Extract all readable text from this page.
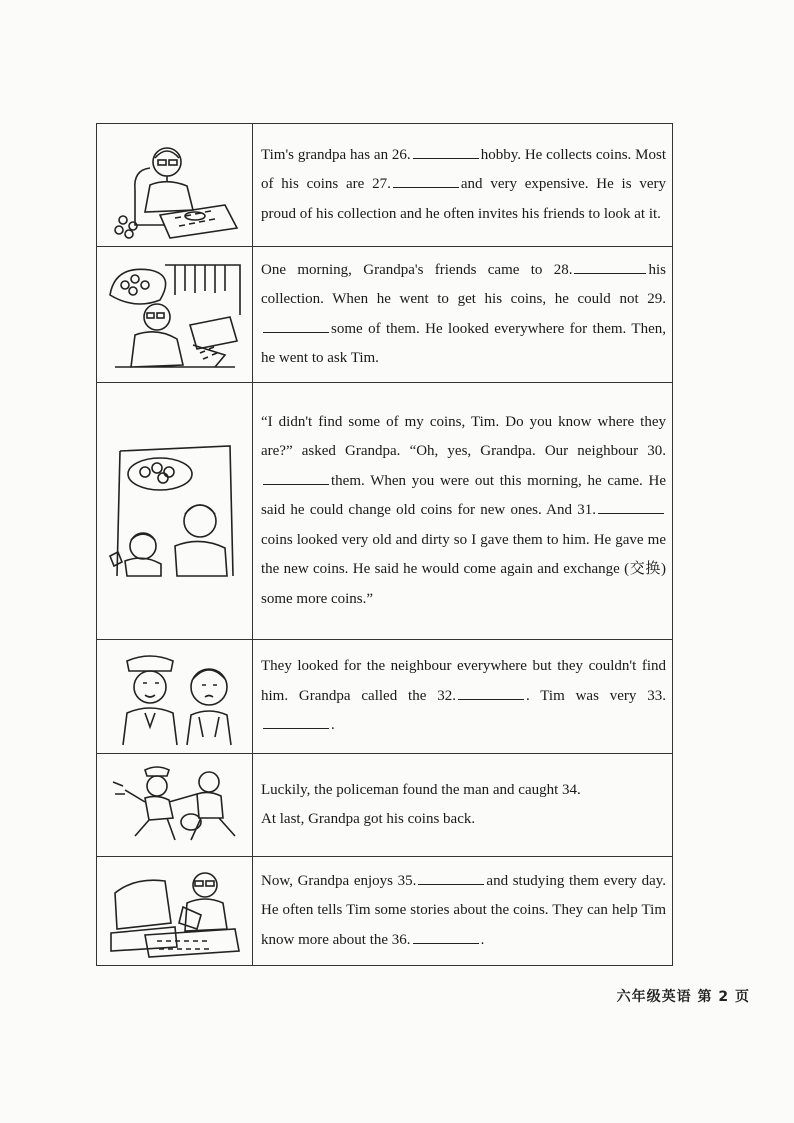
Tim's grandpa has an 26.	hobby. He collects coins. Most of his coins are 27.	and very expensive. He is very proud of his collection and he often invites his friends to look at it.

One morning, Grandpa's friends came to 28.	his collection. When he went to get his coins, he could not 29.some of them. He looked everywhere for them. Then, he went to ask Tim.

“I didn't find some of my coins, Tim. Do you know where they are?” asked Grandpa. “Oh, yes, Grandpa. Our neighbour 30.them. When you were out this morning, he came. He said he could change old coins for new ones. And 31.coins looked very old and dirty so I gave them to him. He gave me the new coins. He said he would come again and exchange (交换) some more coins.”

They looked for the neighbour everywhere but they couldn't find him. Grandpa called the 32.	. Tim was very 33..

Luckily, the policeman found the man and caught 34.

At last, Grandpa got his coins back.

Now, Grandpa enjoys 35.	and studying them every day. He often tells Tim some stories about the coins. They can help Tim know more about the 36.	.

六年级英语 第 2 页
